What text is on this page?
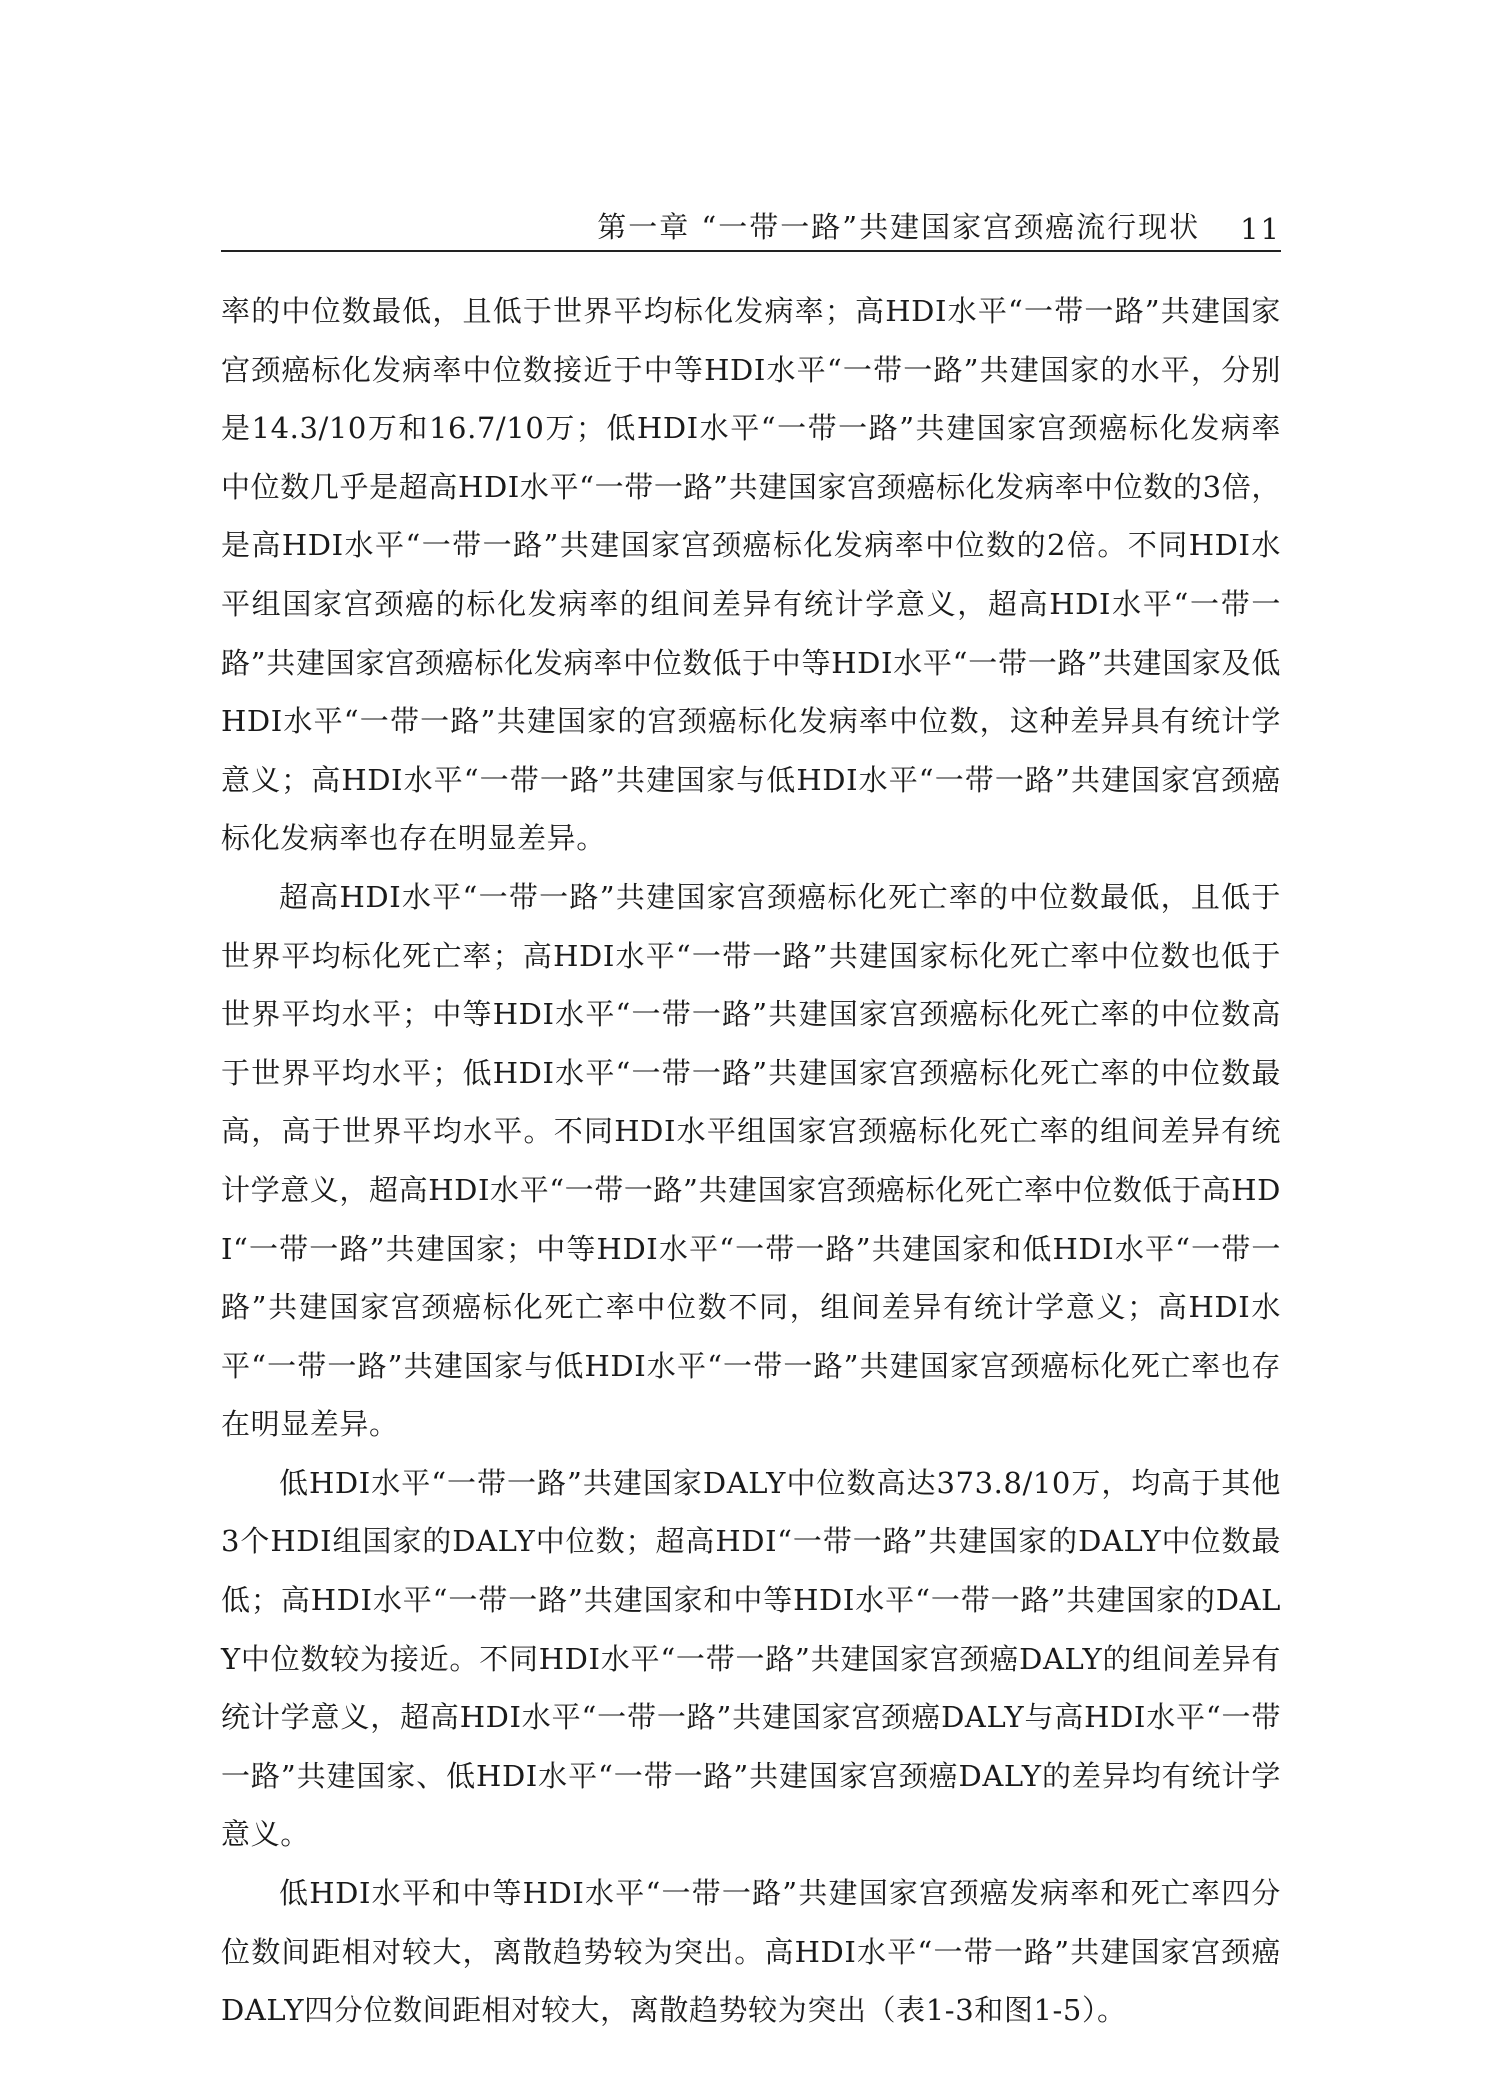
第一章 “一带一路”共建国家宫颈癌流行现状 11

率的中位数最低，且低于世界平均标化发病率；高HDI水平“一带一路”共建国家宫颈癌标化发病率中位数接近于中等HDI水平“一带一路”共建国家的水平，分别是14.3/10万和16.7/10万；低HDI水平“一带一路”共建国家宫颈癌标化发病率中位数几乎是超高HDI水平“一带一路”共建国家宫颈癌标化发病率中位数的3倍，是高HDI水平“一带一路”共建国家宫颈癌标化发病率中位数的2倍。不同HDI水平组国家宫颈癌的标化发病率的组间差异有统计学意义，超高HDI水平“一带一路”共建国家宫颈癌标化发病率中位数低于中等HDI水平“一带一路”共建国家及低HDI水平“一带一路”共建国家的宫颈癌标化发病率中位数，这种差异具有统计学意义；高HDI水平“一带一路”共建国家与低HDI水平“一带一路”共建国家宫颈癌标化发病率也存在明显差异。

超高HDI水平“一带一路”共建国家宫颈癌标化死亡率的中位数最低，且低于世界平均标化死亡率；高HDI水平“一带一路”共建国家标化死亡率中位数也低于世界平均水平；中等HDI水平“一带一路”共建国家宫颈癌标化死亡率的中位数高于世界平均水平；低HDI水平“一带一路”共建国家宫颈癌标化死亡率的中位数最高，高于世界平均水平。不同HDI水平组国家宫颈癌标化死亡率的组间差异有统计学意义，超高HDI水平“一带一路”共建国家宫颈癌标化死亡率中位数低于高HDI“一带一路”共建国家；中等HDI水平“一带一路”共建国家和低HDI水平“一带一路”共建国家宫颈癌标化死亡率中位数不同，组间差异有统计学意义；高HDI水平“一带一路”共建国家与低HDI水平“一带一路”共建国家宫颈癌标化死亡率也存在明显差异。

低HDI水平“一带一路”共建国家DALY中位数高达373.8/10万，均高于其他3个HDI组国家的DALY中位数；超高HDI“一带一路”共建国家的DALY中位数最低；高HDI水平“一带一路”共建国家和中等HDI水平“一带一路”共建国家的DALY中位数较为接近。不同HDI水平“一带一路”共建国家宫颈癌DALY的组间差异有统计学意义，超高HDI水平“一带一路”共建国家宫颈癌DALY与高HDI水平“一带一路”共建国家、低HDI水平“一带一路”共建国家宫颈癌DALY的差异均有统计学意义。

低HDI水平和中等HDI水平“一带一路”共建国家宫颈癌发病率和死亡率四分位数间距相对较大，离散趋势较为突出。高HDI水平“一带一路”共建国家宫颈癌DALY四分位数间距相对较大，离散趋势较为突出（表1-3和图1-5）。
